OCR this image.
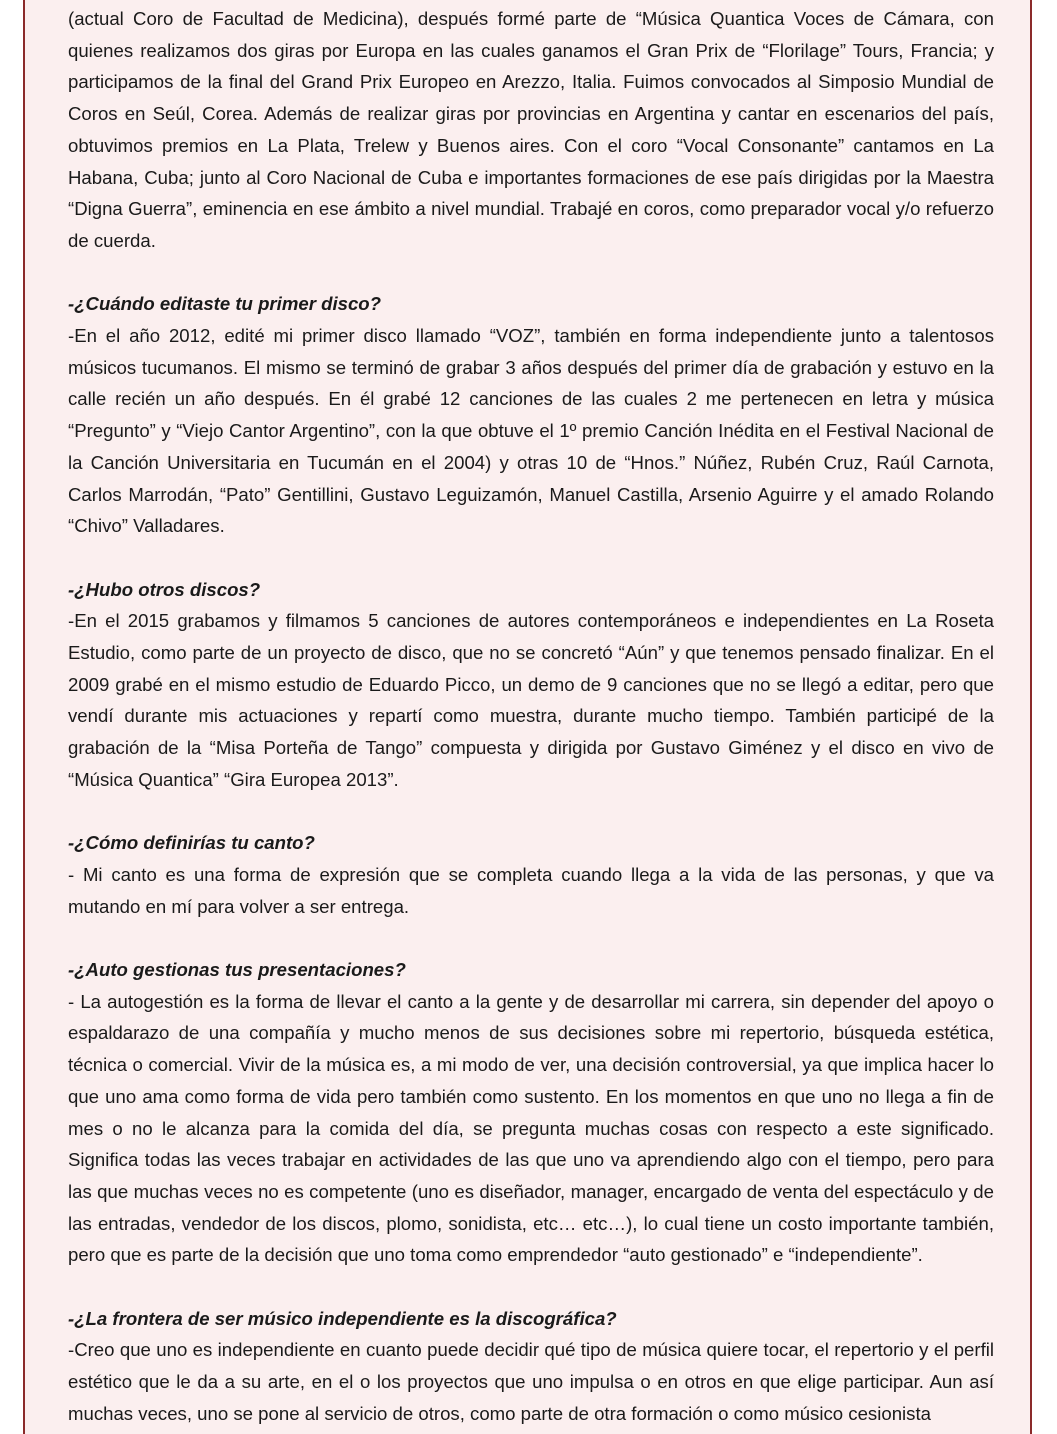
(actual Coro de Facultad de Medicina), después formé parte de “Música Quantica Voces de Cámara, con quienes realizamos dos giras por Europa en las cuales ganamos el Gran Prix de “Florilage” Tours, Francia; y participamos de la final del Grand Prix Europeo en Arezzo, Italia. Fuimos convocados al Simposio Mundial de Coros en Seúl, Corea. Además de realizar giras por provincias en Argentina y cantar en escenarios del país, obtuvimos premios en La Plata, Trelew y Buenos aires. Con el coro “Vocal Consonante” cantamos en La Habana, Cuba; junto al Coro Nacional de Cuba e importantes formaciones de ese país dirigidas por la Maestra “Digna Guerra”, eminencia en ese ámbito a nivel mundial. Trabajé en coros, como preparador vocal y/o refuerzo de cuerda.

-¿Cuándo editaste tu primer disco?

-En el año 2012, edité mi primer disco llamado “VOZ”, también en forma independiente junto a talentosos músicos tucumanos. El mismo se terminó de grabar 3 años después del primer día de grabación y estuvo en la calle recién un año después. En él grabé 12 canciones de las cuales 2 me pertenecen en letra y música “Pregunto” y “Viejo Cantor Argentino”, con la que obtuve el 1º premio Canción Inédita en el Festival Nacional de la Canción Universitaria en Tucumán en el 2004) y otras 10 de “Hnos.” Núñez, Rubén Cruz, Raúl Carnota, Carlos Marrodán, “Pato” Gentillini, Gustavo Leguizamón, Manuel Castilla, Arsenio Aguirre y el amado Rolando “Chivo” Valladares.

-¿Hubo otros discos?

-En el 2015 grabamos y filmamos 5 canciones de autores contemporáneos e independientes en La Roseta Estudio, como parte de un proyecto de disco, que no se concretó “Aún” y que tenemos pensado finalizar. En el 2009 grabé en el mismo estudio de Eduardo Picco, un demo de 9 canciones que no se llegó a editar, pero que vendí durante mis actuaciones y repartí como muestra, durante mucho tiempo. También participé de la grabación de la “Misa Porteña de Tango” compuesta y dirigida por Gustavo Giménez y el disco en vivo de “Música Quantica” “Gira Europea 2013”.

-¿Cómo definirías tu canto?

- Mi canto es una forma de expresión que se completa cuando llega a la vida de las personas, y que va mutando en mí para volver a ser entrega.

-¿Auto gestionas tus presentaciones?

- La autogestión es la forma de llevar el canto a la gente y de desarrollar mi carrera, sin depender del apoyo o espaldarazo de una compañía y mucho menos de sus decisiones sobre mi repertorio, búsqueda estética, técnica o comercial. Vivir de la música es, a mi modo de ver, una decisión controversial, ya que implica hacer lo que uno ama como forma de vida pero también como sustento. En los momentos en que uno no llega a fin de mes o no le alcanza para la comida del día, se pregunta muchas cosas con respecto a este significado. Significa todas las veces trabajar en actividades de las que uno va aprendiendo algo con el tiempo, pero para las que muchas veces no es competente (uno es diseñador, manager, encargado de venta del espectáculo y de las entradas, vendedor de los discos, plomo, sonidista, etc… etc…), lo cual tiene un costo importante también, pero que es parte de la decisión que uno toma como emprendedor “auto gestionado” e “independiente”.

-¿La frontera de ser músico independiente es la discográfica?

-Creo que uno es independiente en cuanto puede decidir qué tipo de música quiere tocar, el repertorio y el perfil estético que le da a su arte, en el o los proyectos que uno impulsa o en otros en que elige participar. Aun así muchas veces, uno se pone al servicio de otros, como parte de otra formación o como músico cesionista
